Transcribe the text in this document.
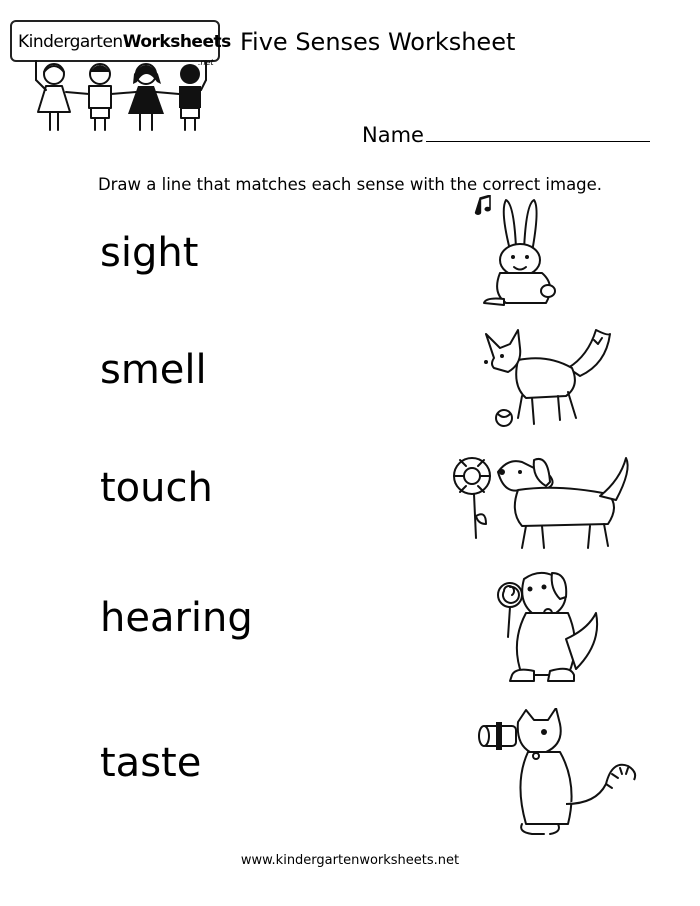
KindergartenWorksheets
.net
Five Senses Worksheet
Name
Draw a line that matches each sense with the correct image.
sight
smell
touch
hearing
taste
www.kindergartenworksheets.net
